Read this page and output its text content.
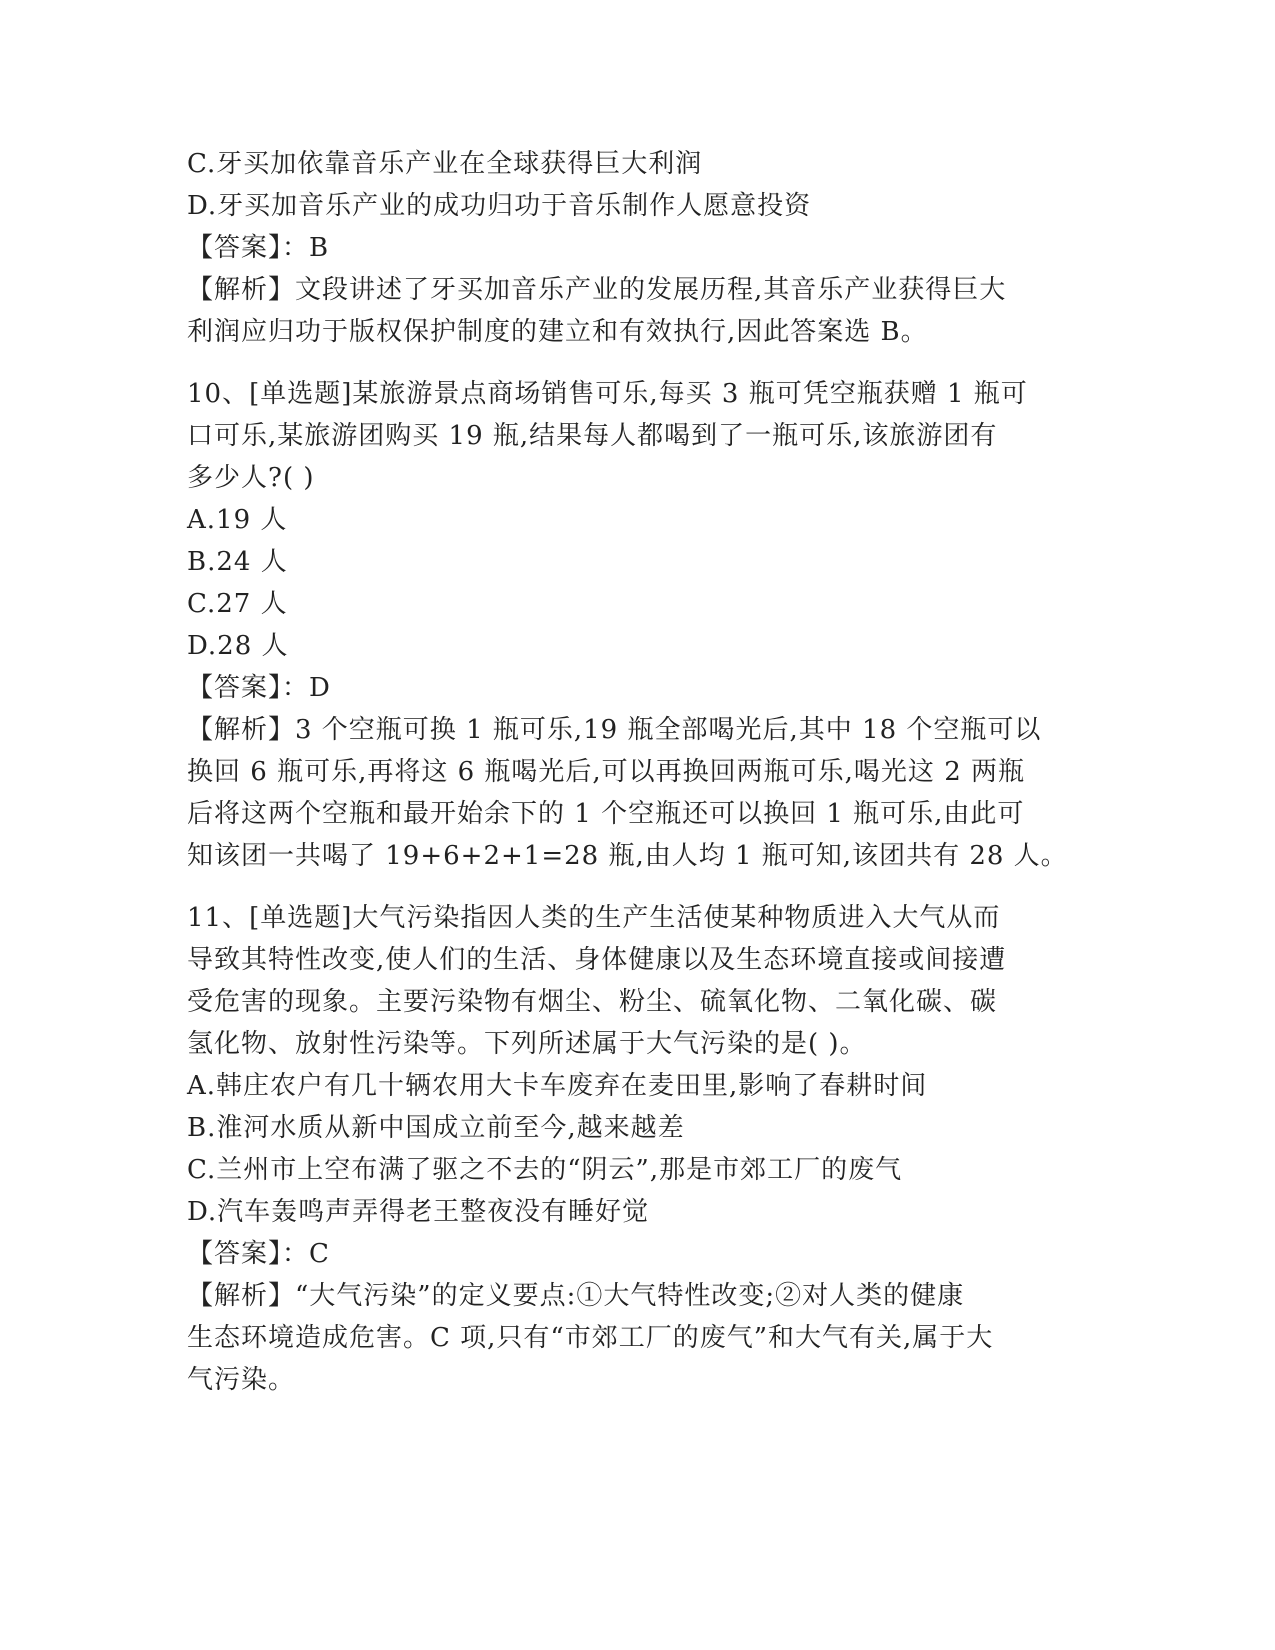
C.牙买加依靠音乐产业在全球获得巨大利润
D.牙买加音乐产业的成功归功于音乐制作人愿意投资
【答案】：B
【解析】文段讲述了牙买加音乐产业的发展历程,其音乐产业获得巨大
利润应归功于版权保护制度的建立和有效执行,因此答案选 B。
10、[单选题]某旅游景点商场销售可乐,每买 3 瓶可凭空瓶获赠 1 瓶可
口可乐,某旅游团购买 19 瓶,结果每人都喝到了一瓶可乐,该旅游团有
多少人?( )
A.19 人
B.24 人
C.27 人
D.28 人
【答案】：D
【解析】3 个空瓶可换 1 瓶可乐,19 瓶全部喝光后,其中 18 个空瓶可以
换回 6 瓶可乐,再将这 6 瓶喝光后,可以再换回两瓶可乐,喝光这 2 两瓶
后将这两个空瓶和最开始余下的 1 个空瓶还可以换回 1 瓶可乐,由此可
知该团一共喝了 19+6+2+1=28 瓶,由人均 1 瓶可知,该团共有 28 人。
11、[单选题]大气污染指因人类的生产生活使某种物质进入大气从而
导致其特性改变,使人们的生活、身体健康以及生态环境直接或间接遭
受危害的现象。主要污染物有烟尘、粉尘、硫氧化物、二氧化碳、碳
氢化物、放射性污染等。下列所述属于大气污染的是( )。
A.韩庄农户有几十辆农用大卡车废弃在麦田里,影响了春耕时间
B.淮河水质从新中国成立前至今,越来越差
C.兰州市上空布满了驱之不去的“阴云”,那是市郊工厂的废气
D.汽车轰鸣声弄得老王整夜没有睡好觉
【答案】：C
【解析】“大气污染”的定义要点:①大气特性改变;②对人类的健康
生态环境造成危害。C 项,只有“市郊工厂的废气”和大气有关,属于大
气污染。
